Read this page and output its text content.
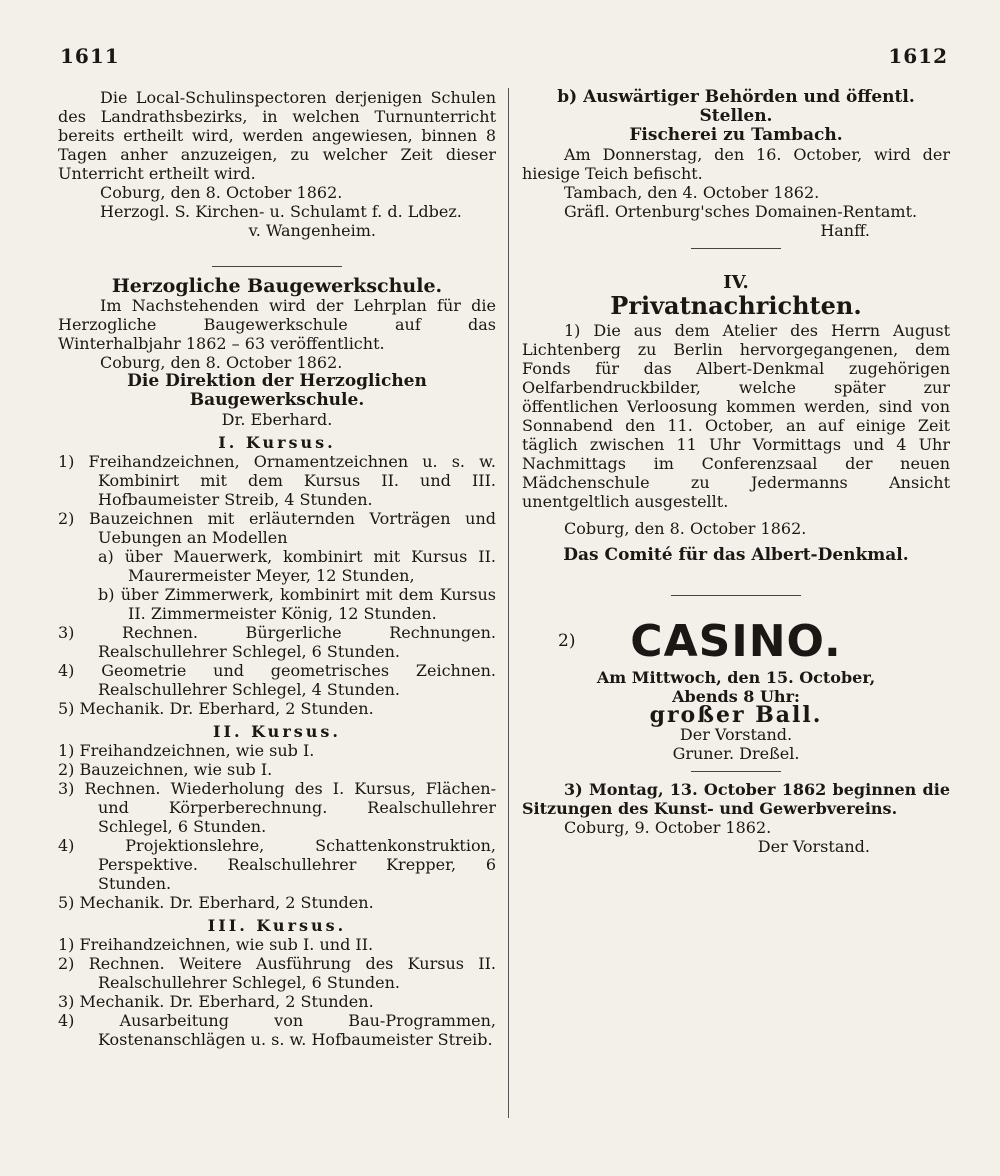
1611	1612

Die Local-Schulinspectoren derjenigen Schulen des Landrathsbezirks, in welchen Turnunterricht bereits ertheilt wird, werden angewiesen, binnen 8 Tagen anher anzuzeigen, zu welcher Zeit dieser Unterricht ertheilt wird.

Coburg, den 8. October 1862.

Herzogl. S. Kirchen- u. Schulamt f. d. Ldbez.

v. Wangenheim.

Herzogliche Baugewerkschule.

Im Nachstehenden wird der Lehrplan für die Herzogliche Baugewerkschule auf das Winterhalbjahr 1862 – 63 veröffentlicht.

Coburg, den 8. October 1862.

Die Direktion der Herzoglichen Baugewerkschule.

Dr. Eberhard.

I. Kursus.

1) Freihandzeichnen, Ornamentzeichnen u. s. w. Kombinirt mit dem Kursus II. und III. Hofbaumeister Streib, 4 Stunden.

2) Bauzeichnen mit erläuternden Vorträgen und Uebungen an Modellen

a) über Mauerwerk, kombinirt mit Kursus II. Maurermeister Meyer, 12 Stunden,

b) über Zimmerwerk, kombinirt mit dem Kursus II. Zimmermeister König, 12 Stunden.

3) Rechnen. Bürgerliche Rechnungen. Realschullehrer Schlegel, 6 Stunden.

4) Geometrie und geometrisches Zeichnen. Realschullehrer Schlegel, 4 Stunden.

5) Mechanik. Dr. Eberhard, 2 Stunden.

II. Kursus.

1) Freihandzeichnen, wie sub I.

2) Bauzeichnen, wie sub I.

3) Rechnen. Wiederholung des I. Kursus, Flächen- und Körperberechnung. Realschullehrer Schlegel, 6 Stunden.

4) Projektionslehre, Schattenkonstruktion, Perspektive. Realschullehrer Krepper, 6 Stunden.

5) Mechanik. Dr. Eberhard, 2 Stunden.

III. Kursus.

1) Freihandzeichnen, wie sub I. und II.

2) Rechnen. Weitere Ausführung des Kursus II. Realschullehrer Schlegel, 6 Stunden.

3) Mechanik. Dr. Eberhard, 2 Stunden.

4) Ausarbeitung von Bau-Programmen, Kostenanschlägen u. s. w. Hofbaumeister Streib.

b) Auswärtiger Behörden und öffentl. Stellen.

Fischerei zu Tambach.

Am Donnerstag, den 16. October, wird der hiesige Teich befischt.

Tambach, den 4. October 1862.

Gräfl. Ortenburg'sches Domainen-Rentamt.

Hanff.

IV.

Privatnachrichten.

1) Die aus dem Atelier des Herrn August Lichtenberg zu Berlin hervorgegangenen, dem Fonds für das Albert-Denkmal zugehörigen Oelfarbendruckbilder, welche später zur öffentlichen Verloosung kommen werden, sind von Sonnabend den 11. October, an auf einige Zeit täglich zwischen 11 Uhr Vormittags und 4 Uhr Nachmittags im Conferenzsaal der neuen Mädchenschule zu Jedermanns Ansicht unentgeltlich ausgestellt.

Coburg, den 8. October 1862.

Das Comité für das Albert-Denkmal.

2)	CASINO.

Am Mittwoch, den 15. October,

Abends 8 Uhr:

großer Ball.

Der Vorstand.

Gruner. Dreßel.

3) Montag, 13. October 1862 beginnen die Sitzungen des Kunst- und Gewerbvereins.

Coburg, 9. October 1862.

Der Vorstand.
